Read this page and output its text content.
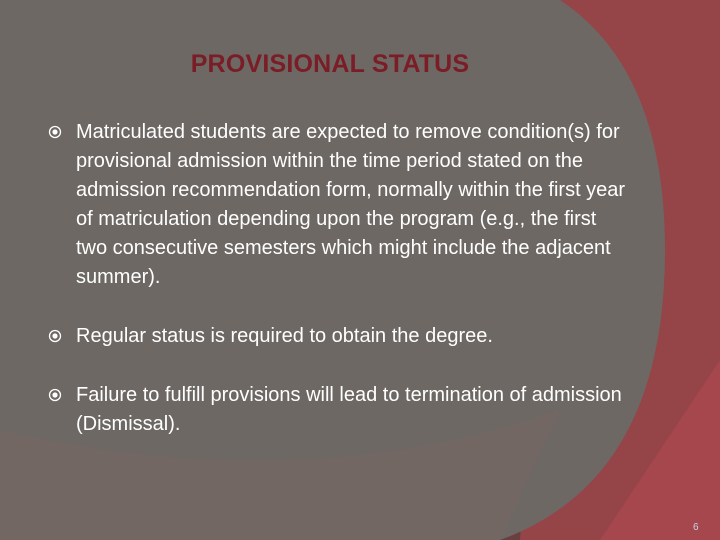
PROVISIONAL STATUS
Matriculated students are expected to remove condition(s) for provisional admission within the time period stated on the admission recommendation form, normally within the first year of matriculation depending upon the program (e.g., the first two consecutive semesters which might include the adjacent summer).
Regular status is required to obtain the degree.
Failure to fulfill provisions will lead to termination of admission (Dismissal).
6
